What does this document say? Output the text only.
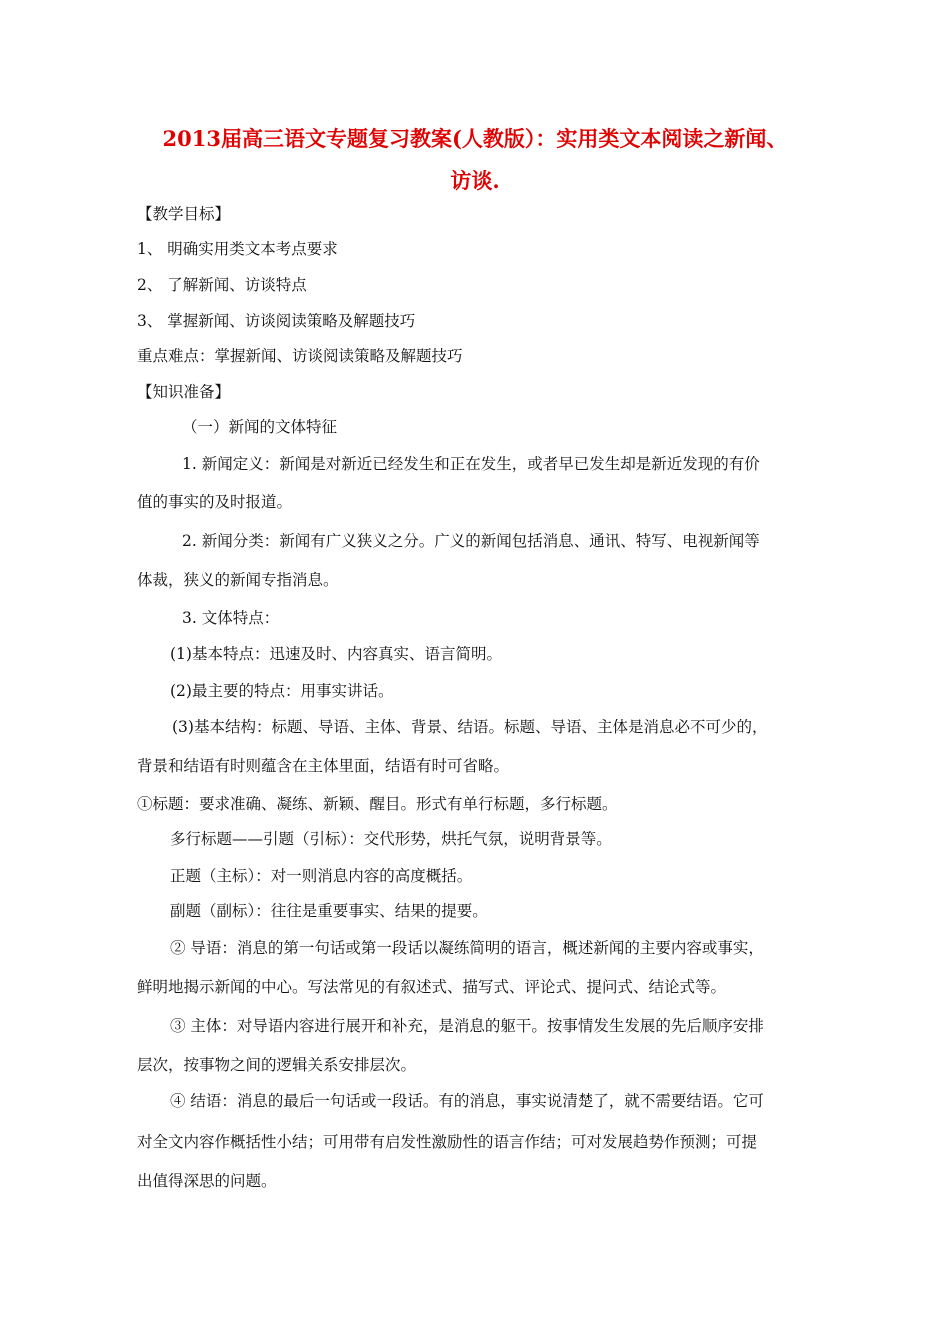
2013届高三语文专题复习教案(人教版）：实用类文本阅读之新闻、
访谈.

【教学目标】

1、 明确实用类文本考点要求

2、 了解新闻、访谈特点

3、 掌握新闻、访谈阅读策略及解题技巧

重点难点：掌握新闻、访谈阅读策略及解题技巧

【知识准备】

（一）新闻的文体特征

1. 新闻定义：新闻是对新近已经发生和正在发生，或者早已发生却是新近发现的有价

值的事实的及时报道。

2. 新闻分类：新闻有广义狭义之分。广义的新闻包括消息、通讯、特写、电视新闻等

体裁，狭义的新闻专指消息。

3. 文体特点：

(1)基本特点：迅速及时、内容真实、语言简明。

(2)最主要的特点：用事实讲话。

(3)基本结构：标题、导语、主体、背景、结语。标题、导语、主体是消息必不可少的，

背景和结语有时则蕴含在主体里面，结语有时可省略。

①标题：要求准确、凝练、新颖、醒目。形式有单行标题，多行标题。

多行标题——引题（引标）：交代形势，烘托气氛，说明背景等。

正题（主标）：对一则消息内容的高度概括。

副题（副标）：往往是重要事实、结果的提要。

② 导语：消息的第一句话或第一段话以凝练简明的语言，概述新闻的主要内容或事实，

鲜明地揭示新闻的中心。写法常见的有叙述式、描写式、评论式、提问式、结论式等。

③ 主体：对导语内容进行展开和补充，是消息的躯干。按事情发生发展的先后顺序安排

层次，按事物之间的逻辑关系安排层次。

④ 结语：消息的最后一句话或一段话。有的消息，事实说清楚了，就不需要结语。它可

对全文内容作概括性小结；可用带有启发性激励性的语言作结；可对发展趋势作预测；可提

出值得深思的问题。
